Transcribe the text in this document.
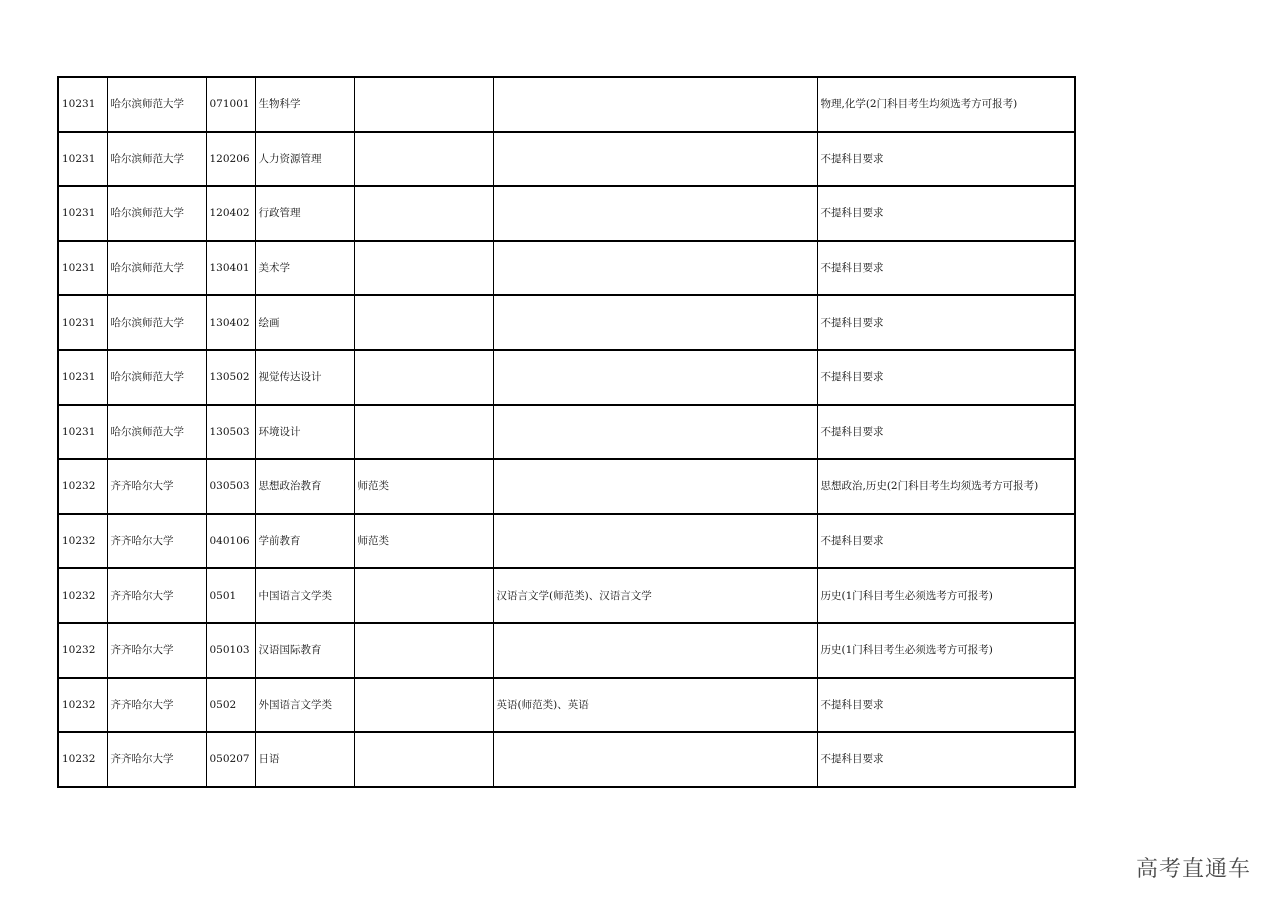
10231	哈尔滨师范大学	071001	生物科学			物理,化学(2门科目考生均须选考方可报考)
10231	哈尔滨师范大学	120206	人力资源管理			不提科目要求
10231	哈尔滨师范大学	120402	行政管理			不提科目要求
10231	哈尔滨师范大学	130401	美术学			不提科目要求
10231	哈尔滨师范大学	130402	绘画			不提科目要求
10231	哈尔滨师范大学	130502	视觉传达设计			不提科目要求
10231	哈尔滨师范大学	130503	环境设计			不提科目要求
10232	齐齐哈尔大学	030503	思想政治教育	师范类		思想政治,历史(2门科目考生均须选考方可报考)
10232	齐齐哈尔大学	040106	学前教育	师范类		不提科目要求
10232	齐齐哈尔大学	0501	中国语言文学类		汉语言文学(师范类)、汉语言文学	历史(1门科目考生必须选考方可报考)
10232	齐齐哈尔大学	050103	汉语国际教育			历史(1门科目考生必须选考方可报考)
10232	齐齐哈尔大学	0502	外国语言文学类		英语(师范类)、英语	不提科目要求
10232	齐齐哈尔大学	050207	日语			不提科目要求
高考直通车
